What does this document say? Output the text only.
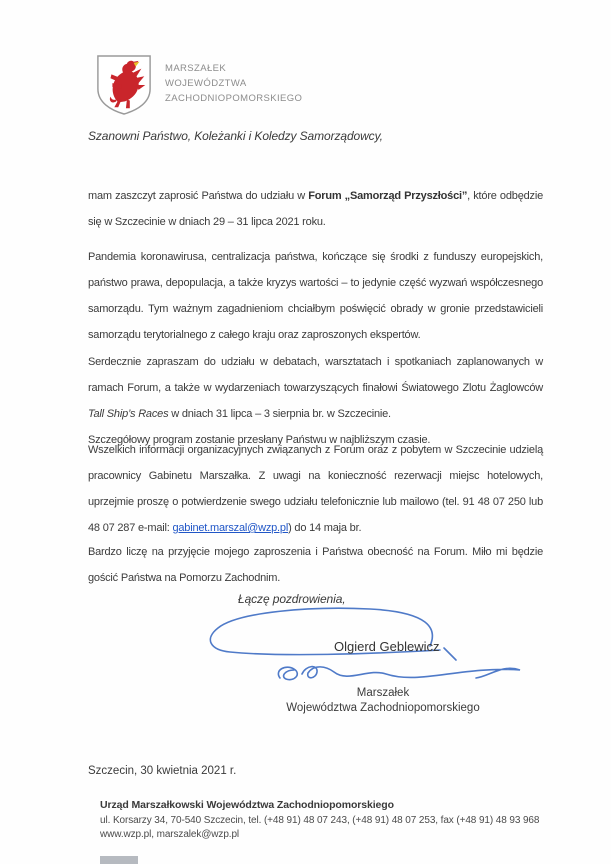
MARSZAŁEK
WOJEWÓDZTWA
ZACHODNIOPOMORSKIEGO
Szanowni Państwo, Koleżanki i Koledzy Samorządowcy,
mam zaszczyt zaprosić Państwa do udziału w Forum „Samorząd Przyszłości”, które odbędzie się w Szczecinie w dniach 29 – 31 lipca 2021 roku.
Pandemia koronawirusa, centralizacja państwa, kończące się środki z funduszy europejskich, państwo prawa, depopulacja, a także kryzys wartości – to jedynie część wyzwań współczesnego samorządu. Tym ważnym zagadnieniom chciałbym poświęcić obrady w gronie przedstawicieli samorządu terytorialnego z całego kraju oraz zaproszonych ekspertów.
Serdecznie zapraszam do udziału w debatach, warsztatach i spotkaniach zaplanowanych w ramach Forum, a także w wydarzeniach towarzyszących finałowi Światowego Zlotu Żaglowców Tall Ship’s Races w dniach 31 lipca – 3 sierpnia br. w Szczecinie.
Szczegółowy program zostanie przesłany Państwu w najbliższym czasie.
Wszelkich informacji organizacyjnych związanych z Forum oraz z pobytem w Szczecinie udzielą pracownicy Gabinetu Marszałka. Z uwagi na konieczność rezerwacji miejsc hotelowych, uprzejmie proszę o potwierdzenie swego udziału telefonicznie lub mailowo (tel. 91 48 07 250 lub 48 07 287 e-mail: gabinet.marszal@wzp.pl) do 14 maja br.
Bardzo liczę na przyjęcie mojego zaproszenia i Państwa obecność na Forum. Miło mi będzie gościć Państwa na Pomorzu Zachodnim.
Łączę pozdrowienia,
Olgierd Geblewicz
Marszałek
Województwa Zachodniopomorskiego
Szczecin, 30 kwietnia 2021 r.
Urząd Marszałkowski Województwa Zachodniopomorskiego
ul. Korsarzy 34, 70-540 Szczecin, tel. (+48 91) 48 07 243, (+48 91) 48 07 253, fax (+48 91) 48 93 968
www.wzp.pl, marszalek@wzp.pl
